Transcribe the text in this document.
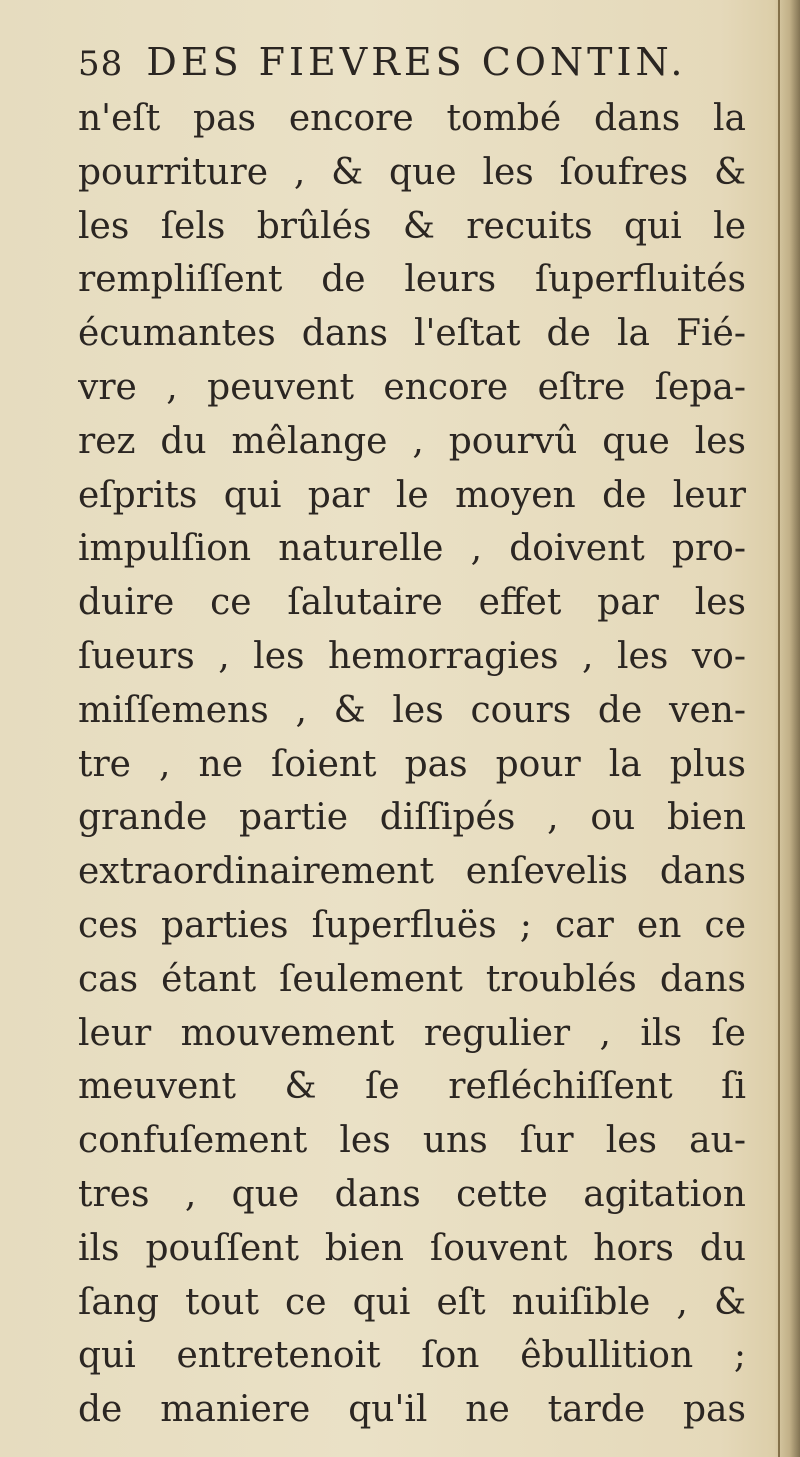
58 DES FIEVRES CONTIN.
n'eſt pas encore tombé dans la
pourriture , & que les ſoufres &
les ſels brûlés & recuits qui le
rempliſſent de leurs ſuperfluités
écumantes dans l'eſtat de la Fié-
vre , peuvent encore eſtre ſepa-
rez du mêlange , pourvû que les
eſprits qui par le moyen de leur
impulſion naturelle , doivent pro-
duire ce ſalutaire effet par les
ſueurs , les hemorragies , les vo-
miſſemens , & les cours de ven-
tre , ne ſoient pas pour la plus
grande partie diſſipés , ou bien
extraordinairement enſevelis dans
ces parties ſuperfluës ; car en ce
cas étant ſeulement troublés dans
leur mouvement regulier , ils ſe
meuvent & ſe refléchiſſent ſi
confuſement les uns ſur les au-
tres , que dans cette agitation
ils pouſſent bien ſouvent hors du
ſang tout ce qui eſt nuiſible , &
qui entretenoit ſon êbullition ;
de maniere qu'il ne tarde pas
